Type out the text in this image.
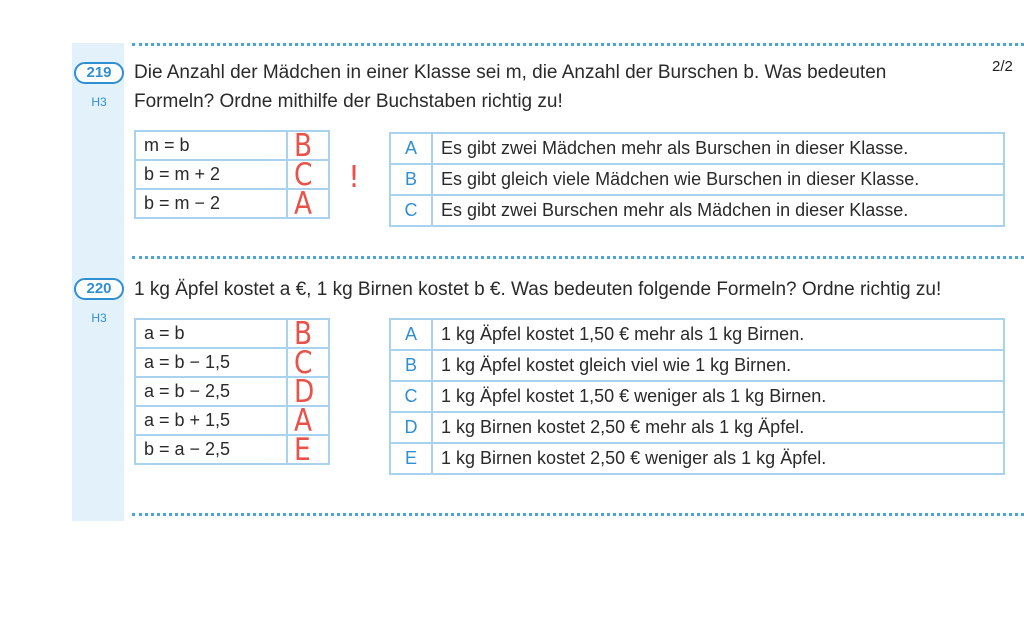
2/2
219
H3
Die Anzahl der Mädchen in einer Klasse sei m, die Anzahl der Burschen b. Was bedeuten
Formeln? Ordne mithilfe der Buchstaben richtig zu!
m = b	B

b = m + 2	C

b = m − 2	A
!
A	Es gibt zwei Mädchen mehr als Burschen in dieser Klasse.
B	Es gibt gleich viele Mädchen wie Burschen in dieser Klasse.
C	Es gibt zwei Burschen mehr als Mädchen in dieser Klasse.
220
H3
1 kg Äpfel kostet a €, 1 kg Birnen kostet b €. Was bedeuten folgende Formeln? Ordne richtig zu!
a = b	B

a = b − 1,5	C

a = b − 2,5	D

a = b + 1,5	A

b = a − 2,5	E
A	1 kg Äpfel kostet 1,50 € mehr als 1 kg Birnen.
B	1 kg Äpfel kostet gleich viel wie 1 kg Birnen.
C	1 kg Äpfel kostet 1,50 € weniger als 1 kg Birnen.
D	1 kg Birnen kostet 2,50 € mehr als 1 kg Äpfel.
E	1 kg Birnen kostet 2,50 € weniger als 1 kg Äpfel.
